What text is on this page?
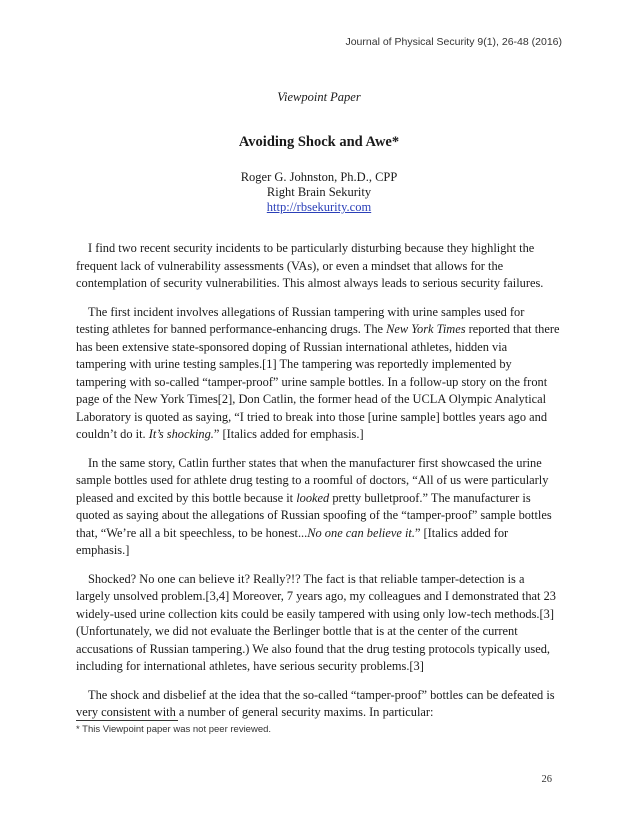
Journal of Physical Security 9(1), 26-48 (2016)
Viewpoint Paper
Avoiding Shock and Awe*
Roger G. Johnston, Ph.D., CPP
Right Brain Sekurity
http://rbsekurity.com

I find two recent security incidents to be particularly disturbing because they highlight the frequent lack of vulnerability assessments (VAs), or even a mindset that allows for the contemplation of security vulnerabilities. This almost always leads to serious security failures.

The first incident involves allegations of Russian tampering with urine samples used for testing athletes for banned performance-enhancing drugs. The New York Times reported that there has been extensive state-sponsored doping of Russian international athletes, hidden via tampering with urine testing samples.[1] The tampering was reportedly implemented by tampering with so-called “tamper-proof” urine sample bottles. In a follow-up story on the front page of the New York Times[2], Don Catlin, the former head of the UCLA Olympic Analytical Laboratory is quoted as saying, “I tried to break into those [urine sample] bottles years ago and couldn’t do it. It’s shocking.” [Italics added for emphasis.]

In the same story, Catlin further states that when the manufacturer first showcased the urine sample bottles used for athlete drug testing to a roomful of doctors, “All of us were particularly pleased and excited by this bottle because it looked pretty bulletproof.” The manufacturer is quoted as saying about the allegations of Russian spoofing of the “tamper-proof” sample bottles that, “We’re all a bit speechless, to be honest...No one can believe it.” [Italics added for emphasis.]

Shocked? No one can believe it? Really?!? The fact is that reliable tamper-detection is a largely unsolved problem.[3,4] Moreover, 7 years ago, my colleagues and I demonstrated that 23 widely-used urine collection kits could be easily tampered with using only low-tech methods.[3] (Unfortunately, we did not evaluate the Berlinger bottle that is at the center of the current accusations of Russian tampering.) We also found that the drug testing protocols typically used, including for international athletes, have serious security problems.[3]

The shock and disbelief at the idea that the so-called “tamper-proof” bottles can be defeated is very consistent with a number of general security maxims. In particular:

* This Viewpoint paper was not peer reviewed.
26
